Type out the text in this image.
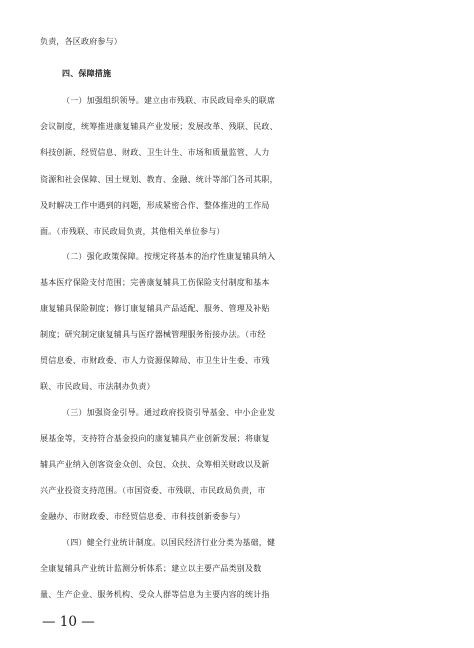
负责，各区政府参与）
四、保障措施
（一）加强组织领导。建立由市残联、市民政局牵头的联席
会议制度，统筹推进康复辅具产业发展；发展改革、残联、民政、
科技创新、经贸信息、财政、卫生计生、市场和质量监管、人力
资源和社会保障、国土规划、教育、金融、统计等部门各司其职，
及时解决工作中遇到的问题，形成紧密合作、整体推进的工作局
面。（市残联、市民政局负责，其他相关单位参与）
（二）强化政策保障。按规定将基本的治疗性康复辅具纳入
基本医疗保险支付范围；完善康复辅具工伤保险支付制度和基本
康复辅具保险制度；修订康复辅具产品适配、服务、管理及补贴
制度；研究制定康复辅具与医疗器械管理服务衔接办法。（市经
贸信息委、市财政委、市人力资源保障局、市卫生计生委、市残
联、市民政局、市法制办负责）
（三）加强资金引导。通过政府投资引导基金、中小企业发
展基金等，支持符合基金投向的康复辅具产业创新发展；将康复
辅具产业纳入创客资金众创、众包、众扶、众筹相关财政以及新
兴产业投资支持范围。（市国资委、市残联、市民政局负责，市
金融办、市财政委、市经贸信息委、市科技创新委参与）
（四）健全行业统计制度。以国民经济行业分类为基础，健
全康复辅具产业统计监测分析体系；建立以主要产品类别及数
量、生产企业、服务机构、受众人群等信息为主要内容的统计指
— 10 —
